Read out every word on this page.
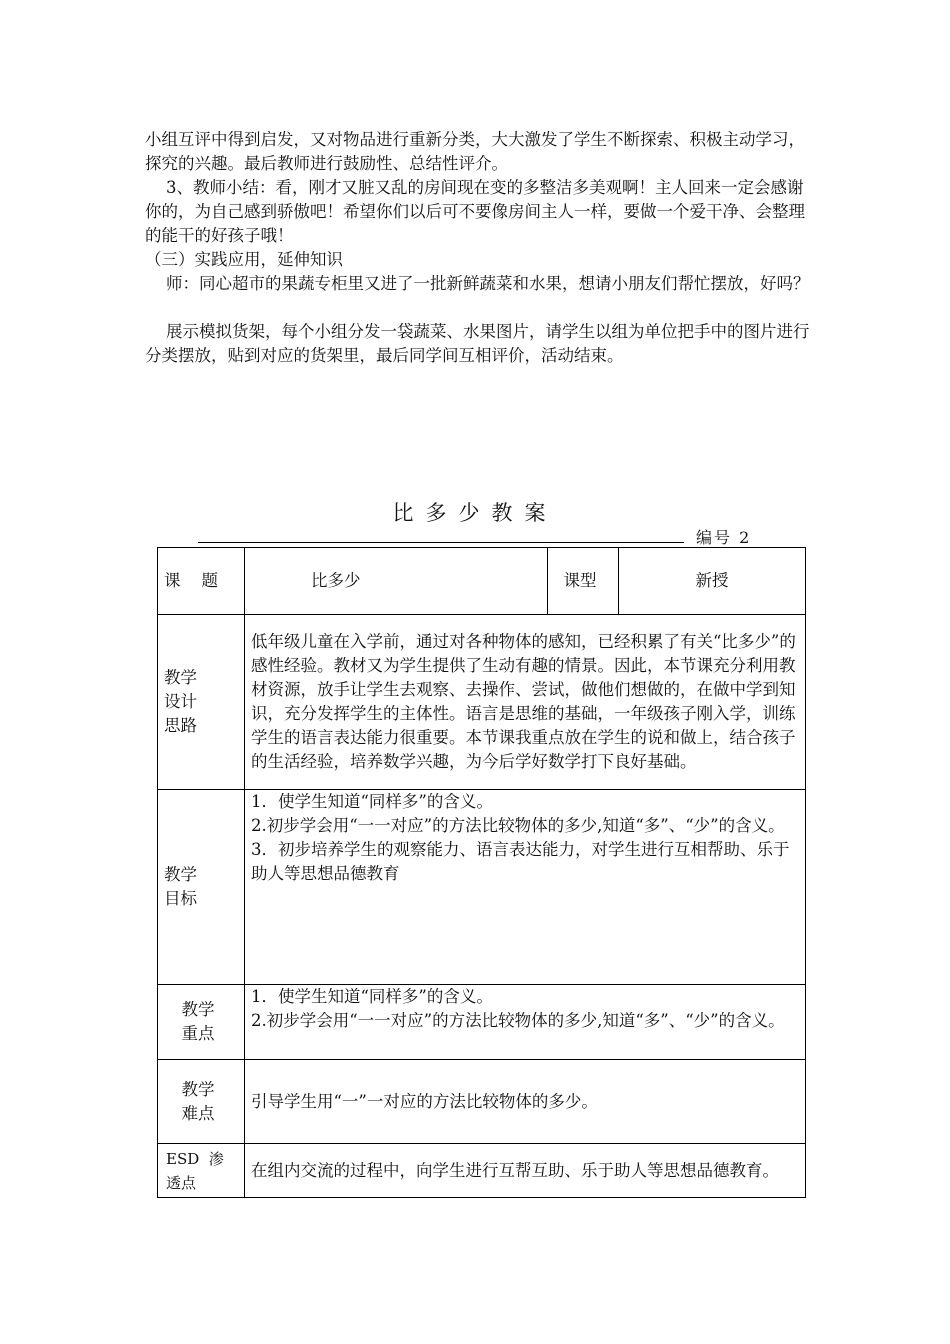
小组互评中得到启发，又对物品进行重新分类，大大激发了学生不断探索、积极主动学习，探究的兴趣。最后教师进行鼓励性、总结性评介。

3、教师小结：看，刚才又脏又乱的房间现在变的多整洁多美观啊！主人回来一定会感谢你的，为自己感到骄傲吧！希望你们以后可不要像房间主人一样，要做一个爱干净、会整理的能干的好孩子哦！

（三）实践应用，延伸知识

师：同心超市的果蔬专柜里又进了一批新鲜蔬菜和水果，想请小朋友们帮忙摆放，好吗？

展示模拟货架，每个小组分发一袋蔬菜、水果图片，请学生以组为单位把手中的图片进行分类摆放，贴到对应的货架里，最后同学间互相评价，活动结束。

比多少教案
编号 2
课    题	比多少	课型	新授
教学
设计
思路	低年级儿童在入学前，通过对各种物体的感知，已经积累了有关“比多少”的感性经验。教材又为学生提供了生动有趣的情景。因此，本节课充分利用教材资源，放手让学生去观察、去操作、尝试，做他们想做的，在做中学到知识，充分发挥学生的主体性。语言是思维的基础，一年级孩子刚入学，训练学生的语言表达能力很重要。本节课我重点放在学生的说和做上，结合孩子的生活经验，培养数学兴趣，为今后学好数学打下良好基础。		
教学
目标	1．使学生知道“同样多”的含义。
2.初步学会用“一一对应”的方法比较物体的多少,知道“多”、“少”的含义。
3．初步培养学生的观察能力、语言表达能力，对学生进行互相帮助、乐于助人等思想品德教育		
教学
重点	1．使学生知道“同样多”的含义。
2.初步学会用“一一对应”的方法比较物体的多少,知道“多”、“少”的含义。		
教学
难点	引导学生用“一”一对应的方法比较物体的多少。		
ESD  渗透点	在组内交流的过程中，向学生进行互帮互助、乐于助人等思想品德教育。		
